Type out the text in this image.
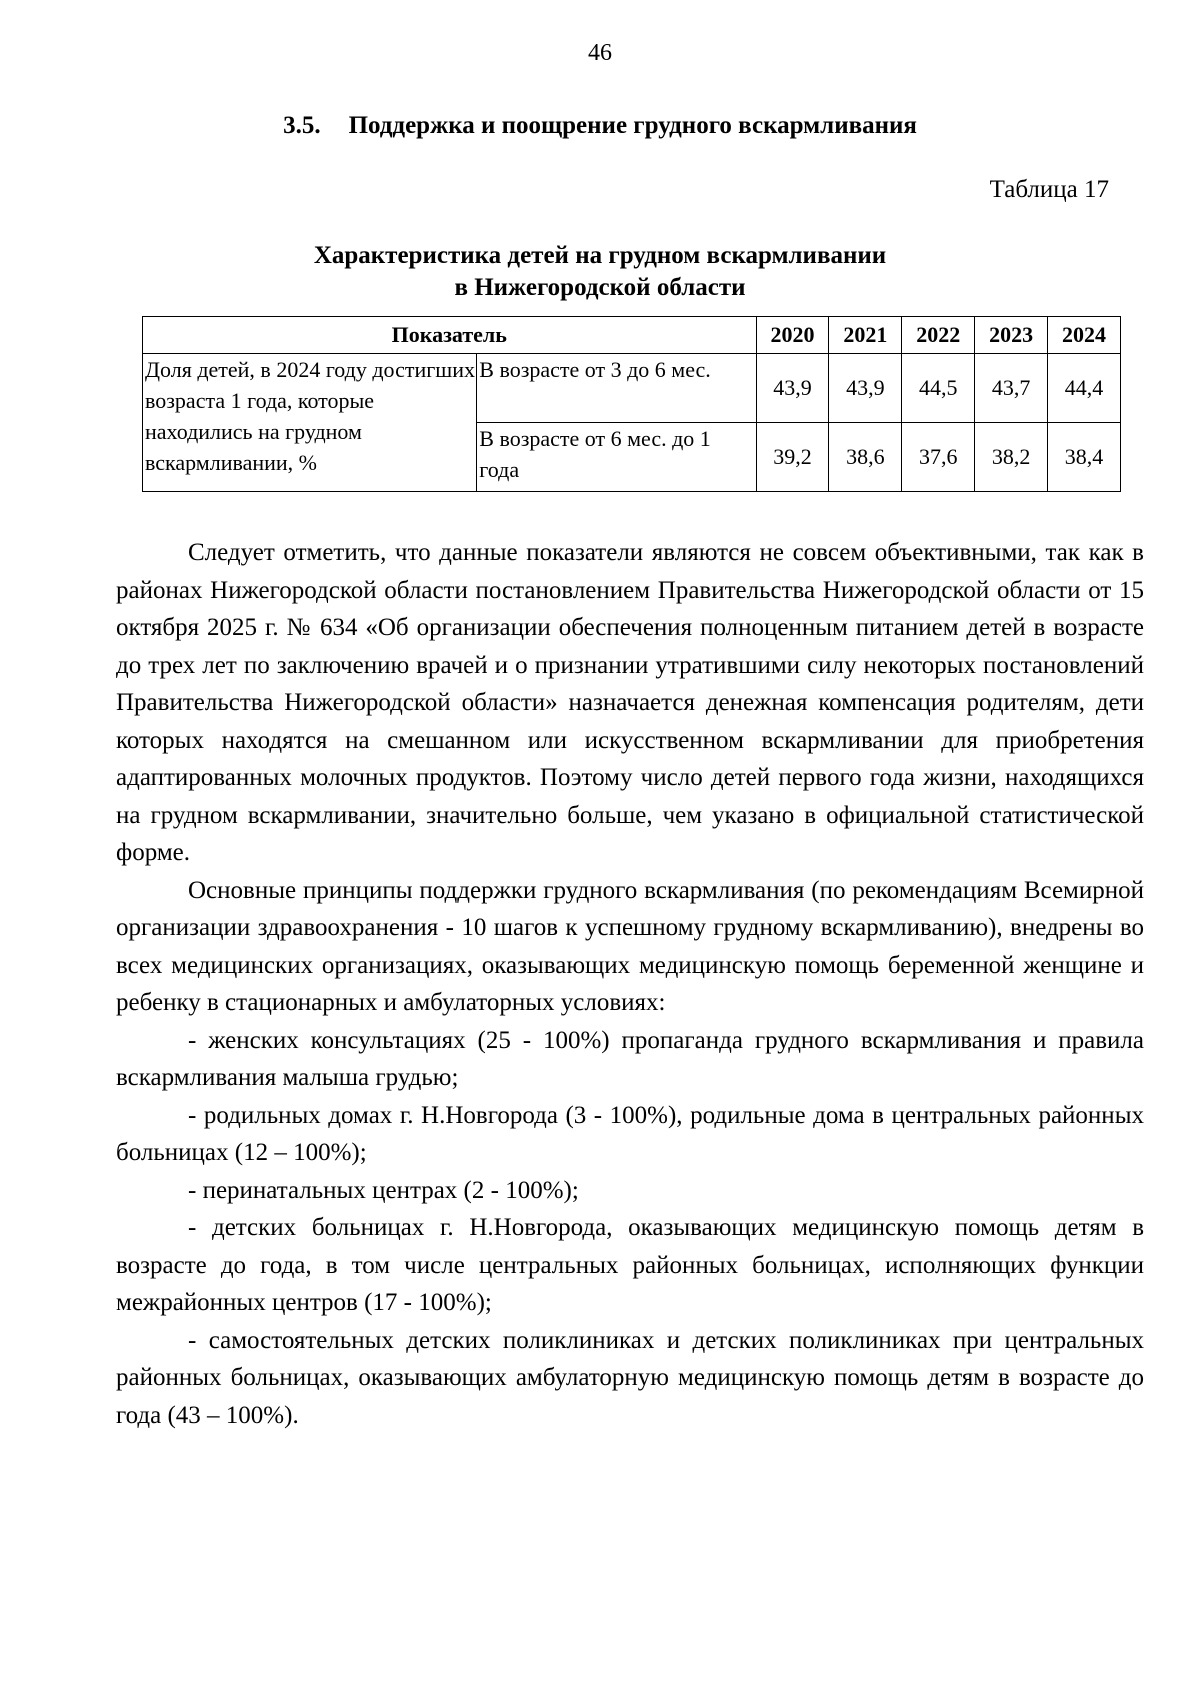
46
3.5. Поддержка и поощрение грудного вскармливания
Таблица 17
Характеристика детей на грудном вскармливании
в Нижегородской области
Показатель		2020	2021	2022	2023	2024
Доля детей, в 2024 году достигших возраста 1 года, которые находились на грудном вскармливании, %	В возрасте от 3 до 6 мес.	43,9	43,9	44,5	43,7	44,4
	В возрасте от 6 мес. до 1 года	39,2	38,6	37,6	38,2	38,4

Следует отметить, что данные показатели являются не совсем объективными, так как в районах Нижегородской области постановлением Правительства Нижегородской области от 15 октября 2025 г. № 634 «Об организации обеспечения полноценным питанием детей в возрасте до трех лет по заключению врачей и о признании утратившими силу некоторых постановлений Правительства Нижегородской области» назначается денежная компенсация родителям, дети которых находятся на смешанном или искусственном вскармливании для приобретения адаптированных молочных продуктов. Поэтому число детей первого года жизни, находящихся на грудном вскармливании, значительно больше, чем указано в официальной статистической форме.

Основные принципы поддержки грудного вскармливания (по рекомендациям Всемирной организации здравоохранения - 10 шагов к успешному грудному вскармливанию), внедрены во всех медицинских организациях, оказывающих медицинскую помощь беременной женщине и ребенку в стационарных и амбулаторных условиях:

- женских консультациях (25 - 100%) пропаганда грудного вскармливания и правила вскармливания малыша грудью;

- родильных домах г. Н.Новгорода (3 - 100%), родильные дома в центральных районных больницах (12 – 100%);

- перинатальных центрах (2 - 100%);

- детских больницах г. Н.Новгорода, оказывающих медицинскую помощь детям в возрасте до года, в том числе центральных районных больницах, исполняющих функции межрайонных центров (17 - 100%);

- самостоятельных детских поликлиниках и детских поликлиниках при центральных районных больницах, оказывающих амбулаторную медицинскую помощь детям в возрасте до года (43 – 100%).
